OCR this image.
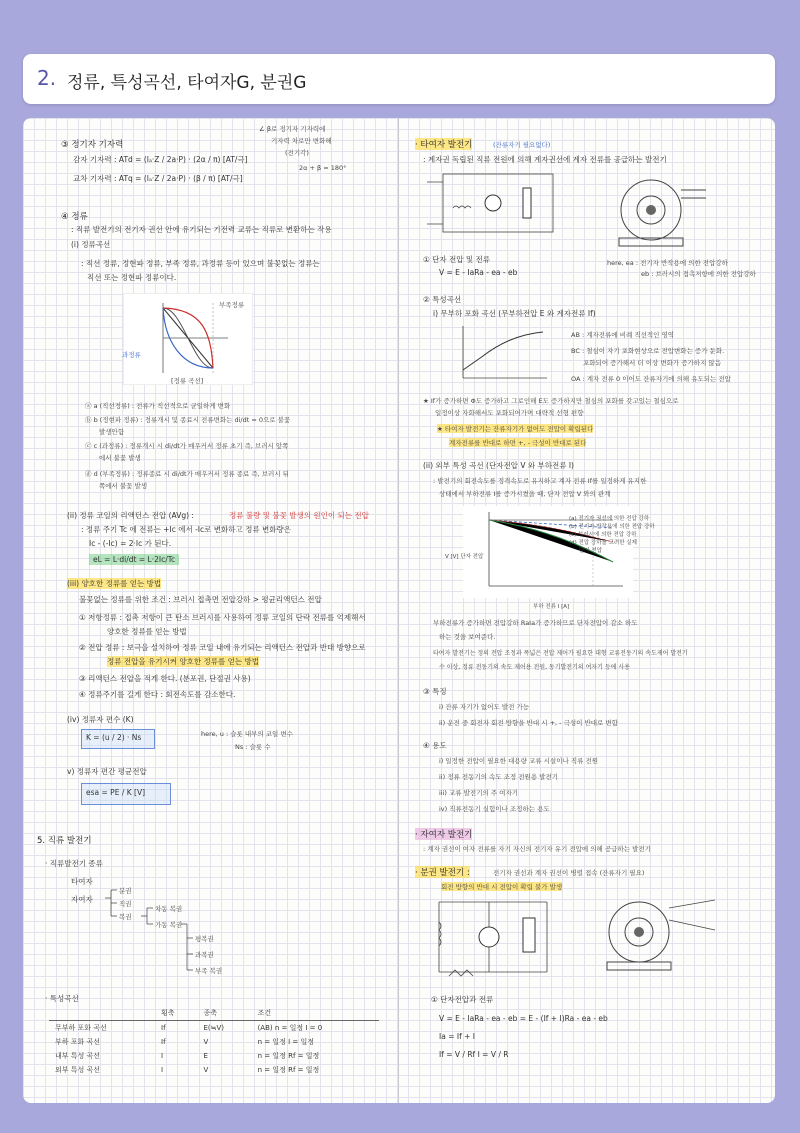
2. 정류, 특성곡선, 타여자G, 분권G
③ 정기자 기자력
감자 기자력 : ATd = (Iₐ·Z / 2a·P) · (2α / π) [AT/극]
교차 기자력 : ATq = (Iₐ·Z / 2a·P) · (β / π) [AT/극]
∠ β로 정기자 기자력에
기자력 차로만 변화해
(전기각)
2α + β = 180°
④ 정류
: 직류 발전기의 전기자 권선 안에 유기되는 기전력 교류는 직류로 변환하는 작용
(i) 정류곡선
: 직선 정류, 정현파 정류, 부족 정류, 과정류 등이 있으며 불꽃없는 정류는
직선 또는 정현파 정류이다.
부족정류
과정류
[정류 곡선]
ⓐ a (직선정류) : 전류가 직선적으로 균일하게 변화
ⓑ b (정현파 정류) : 정류개시 및 종료시 전류변화는 di/dt = 0으로 불꽃
발생안함
ⓒ c (과정류) : 정류개시 시 di/dt가 매우커서 정류 초기 즉, 브러시 앞쪽
에서 불꽃 발생
ⓓ d (부족정류) : 정류종료 시 di/dt가 매우커서 정류 종료 즉, 브러시 뒤
쪽에서 불꽃 발생
(ii) 정류 코일의 리액턴스 전압 (AVg) :	정류 불량 및 불꽃 발생의 원인이 되는 전압
: 정류 주기 Tc 에 전류는 +Ic 에서 -Ic로 변화하고 정류 변화량은
Ic - (-Ic) = 2·Ic 가 된다.
eL = L·di/dt = L·2Ic/Tc
(iii) 양호한 정류를 얻는 방법
불꽃없는 정류를 위한 조건 : 브러시 접촉면 전압강하 > 평균리액턴스 전압
① 저항정류 : 접촉 저항이 큰 탄소 브러시를 사용하여 정류 코일의 단락 전류를 억제해서
양호한 정류를 얻는 방법
② 전압 정류 : 보극을 설치하여 정류 코일 내에 유기되는 리액턴스 전압과 반대 방향으로
정류 전압을 유기시켜 양호한 정류를 얻는 방법
③ 리액턴스 전압을 적게 한다. (분포권, 단절권 사용)
④ 정류주기를 길게 한다 : 회전속도를 감소한다.
(iv) 정류자 편수 (K)
K = (u / 2) · Ns	here, u : 슬롯 내부의 코일 변수
Ns : 슬롯 수
v) 정류자 편간 평균전압
esa = PE / K [V]
5. 직류 발전기
· 직류발전기 종류
타여자
자여자
분권
직권
복권
차동 복권
가동 복권
평복권
과복권
부족 복권
· 특성곡선
	횡축	종축	조건
무부하 포화 곡선	If	E(≒V)	(AB) n = 일정 I = 0
부하 포화 곡선	If	V	n = 일정 I = 일정
내부 특성 곡선	I	E	n = 일정 Rf = 일정
외부 특성 곡선	I	V	n = 일정 Rf = 일정
· 타여자 발전기	(잔류자기 필요없다)
: 계자권 독립된 직류 전원에 의해 계자권선에 계자 전류를 공급하는 발전기
① 단자 전압 및 전류
V = E - IaRa - ea - eb
here, ea : 전기자 반작용에 의한 전압강하
eb : 브러시의 접촉저항에 의한 전압강하
② 특성곡선
i) 무부하 포화 곡선 (무부하전압 E 와 계자전류 If)
AB : 계자전류에 비례 직선적인 영역
BC : 철심이 자기 포화현상으로 전압변화는 증가 둔화.
포화되어 증가해서 더 이상 변화가 증가하지 않음
OA : 계자 전류 0 이어도 잔류자기에 의해 유도되는 전압
★ If가 증가하면 Φ도 증가하고 그로인해 E도 증가하지만 철심의 포화를 갖고있는 철심으로
일정이상 자화해서도 포화되어가며 대략적 선형 편향
★ 타여자 발전기는 잔류자기가 없어도 전압이 확립된다
계자전류를 반대로 하면 +, - 극성이 반대로 된다
(ii) 외부 특성 곡선 (단자전압 V 와 부하전류 I)
: 발전기의 회전속도를 정격속도로 유지하고 계자 전류 If를 일정하게 유지한
상태에서 부하전류 I를 증가시켰을 때, 단자 전압 V 와의 관계
(a) 전기자 권선에 의한 전압 강하
(b) 전기자 반작용에 의한 전압 강하
(c) 브러시에 의한 전압 강하
(d) 전압 강하를 고려한 실제
단자 전압
V [V] 단자 전압
부하 전류 I [A]
부하전류가 증가하면 전압강하 RaIa가 증가하므로 단자전압이 감소 하도
하는 것을 보여준다.
타여자 발전기는 정의 전압 조정과 폭넓은 전압 제어가 필요한 대형 교류전동기의 속도제어 발전기
수 이상, 정류 전동기의 속도 제어용 전원, 동기발전기의 여자기 등에 사용
③ 특징
i) 잔류 자기가 없어도 발전 가능
ii) 운전 중 회전자 회전 방향을 반대 시 +, - 극성이 반대로 변함
④ 용도
i) 일정한 전압이 필요한 대용량 교류 시설이나 직류 전원
ii) 정류 전동기의 속도 조정 전원용 발전기
iii) 교류 발전기의 주 여자기
iv) 직류전동기 실험이나 조정하는 용도
· 자여자 발전기
: 계자 권선이 여자 전류를 자기 자신의 전기자 유기 전압에 의해 공급하는 발전기
· 분권 발전기 :	전기자 권선과 계자 권선이 병렬 접속 (잔류자기 필요)
회전 방향의 반대 시 전압이 확립 불가 발생
① 단자전압과 전류
V = E - IaRa - ea - eb = E - (If + I)Ra - ea - eb
Ia = If + I
If = V / Rf I = V / R
